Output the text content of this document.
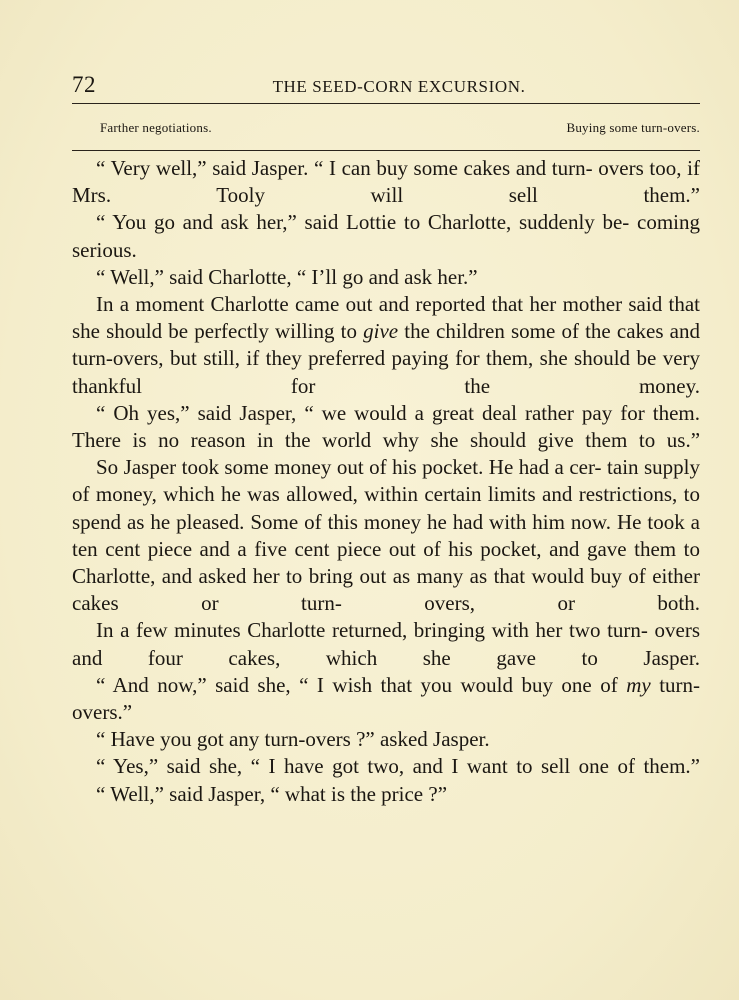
72	THE SEED-CORN EXCURSION.
Farther negotiations.	Buying some turn-overs.

“ Very well,” said Jasper. “ I can buy some cakes and turn- overs too, if Mrs. Tooly will sell them.”

“ You go and ask her,” said Lottie to Charlotte, suddenly be- coming serious.

“ Well,” said Charlotte, “ I’ll go and ask her.”

In a moment Charlotte came out and reported that her mother said that she should be perfectly willing to give the children some of the cakes and turn-overs, but still, if they preferred paying for them, she should be very thankful for the money.

“ Oh yes,” said Jasper, “ we would a great deal rather pay for them. There is no reason in the world why she should give them to us.”

So Jasper took some money out of his pocket. He had a cer- tain supply of money, which he was allowed, within certain limits and restrictions, to spend as he pleased. Some of this money he had with him now. He took a ten cent piece and a five cent piece out of his pocket, and gave them to Charlotte, and asked her to bring out as many as that would buy of either cakes or turn-	overs, or both.

In a few minutes Charlotte returned, bringing with her two turn- overs and four cakes, which she gave to Jasper.

“ And now,” said she, “ I wish that you would buy one of my turn-overs.”

“ Have you got any turn-overs ?” asked Jasper.

“ Yes,” said she, “ I have got two, and I want to sell one of them.”

“ Well,” said Jasper, “ what is the price ?”
